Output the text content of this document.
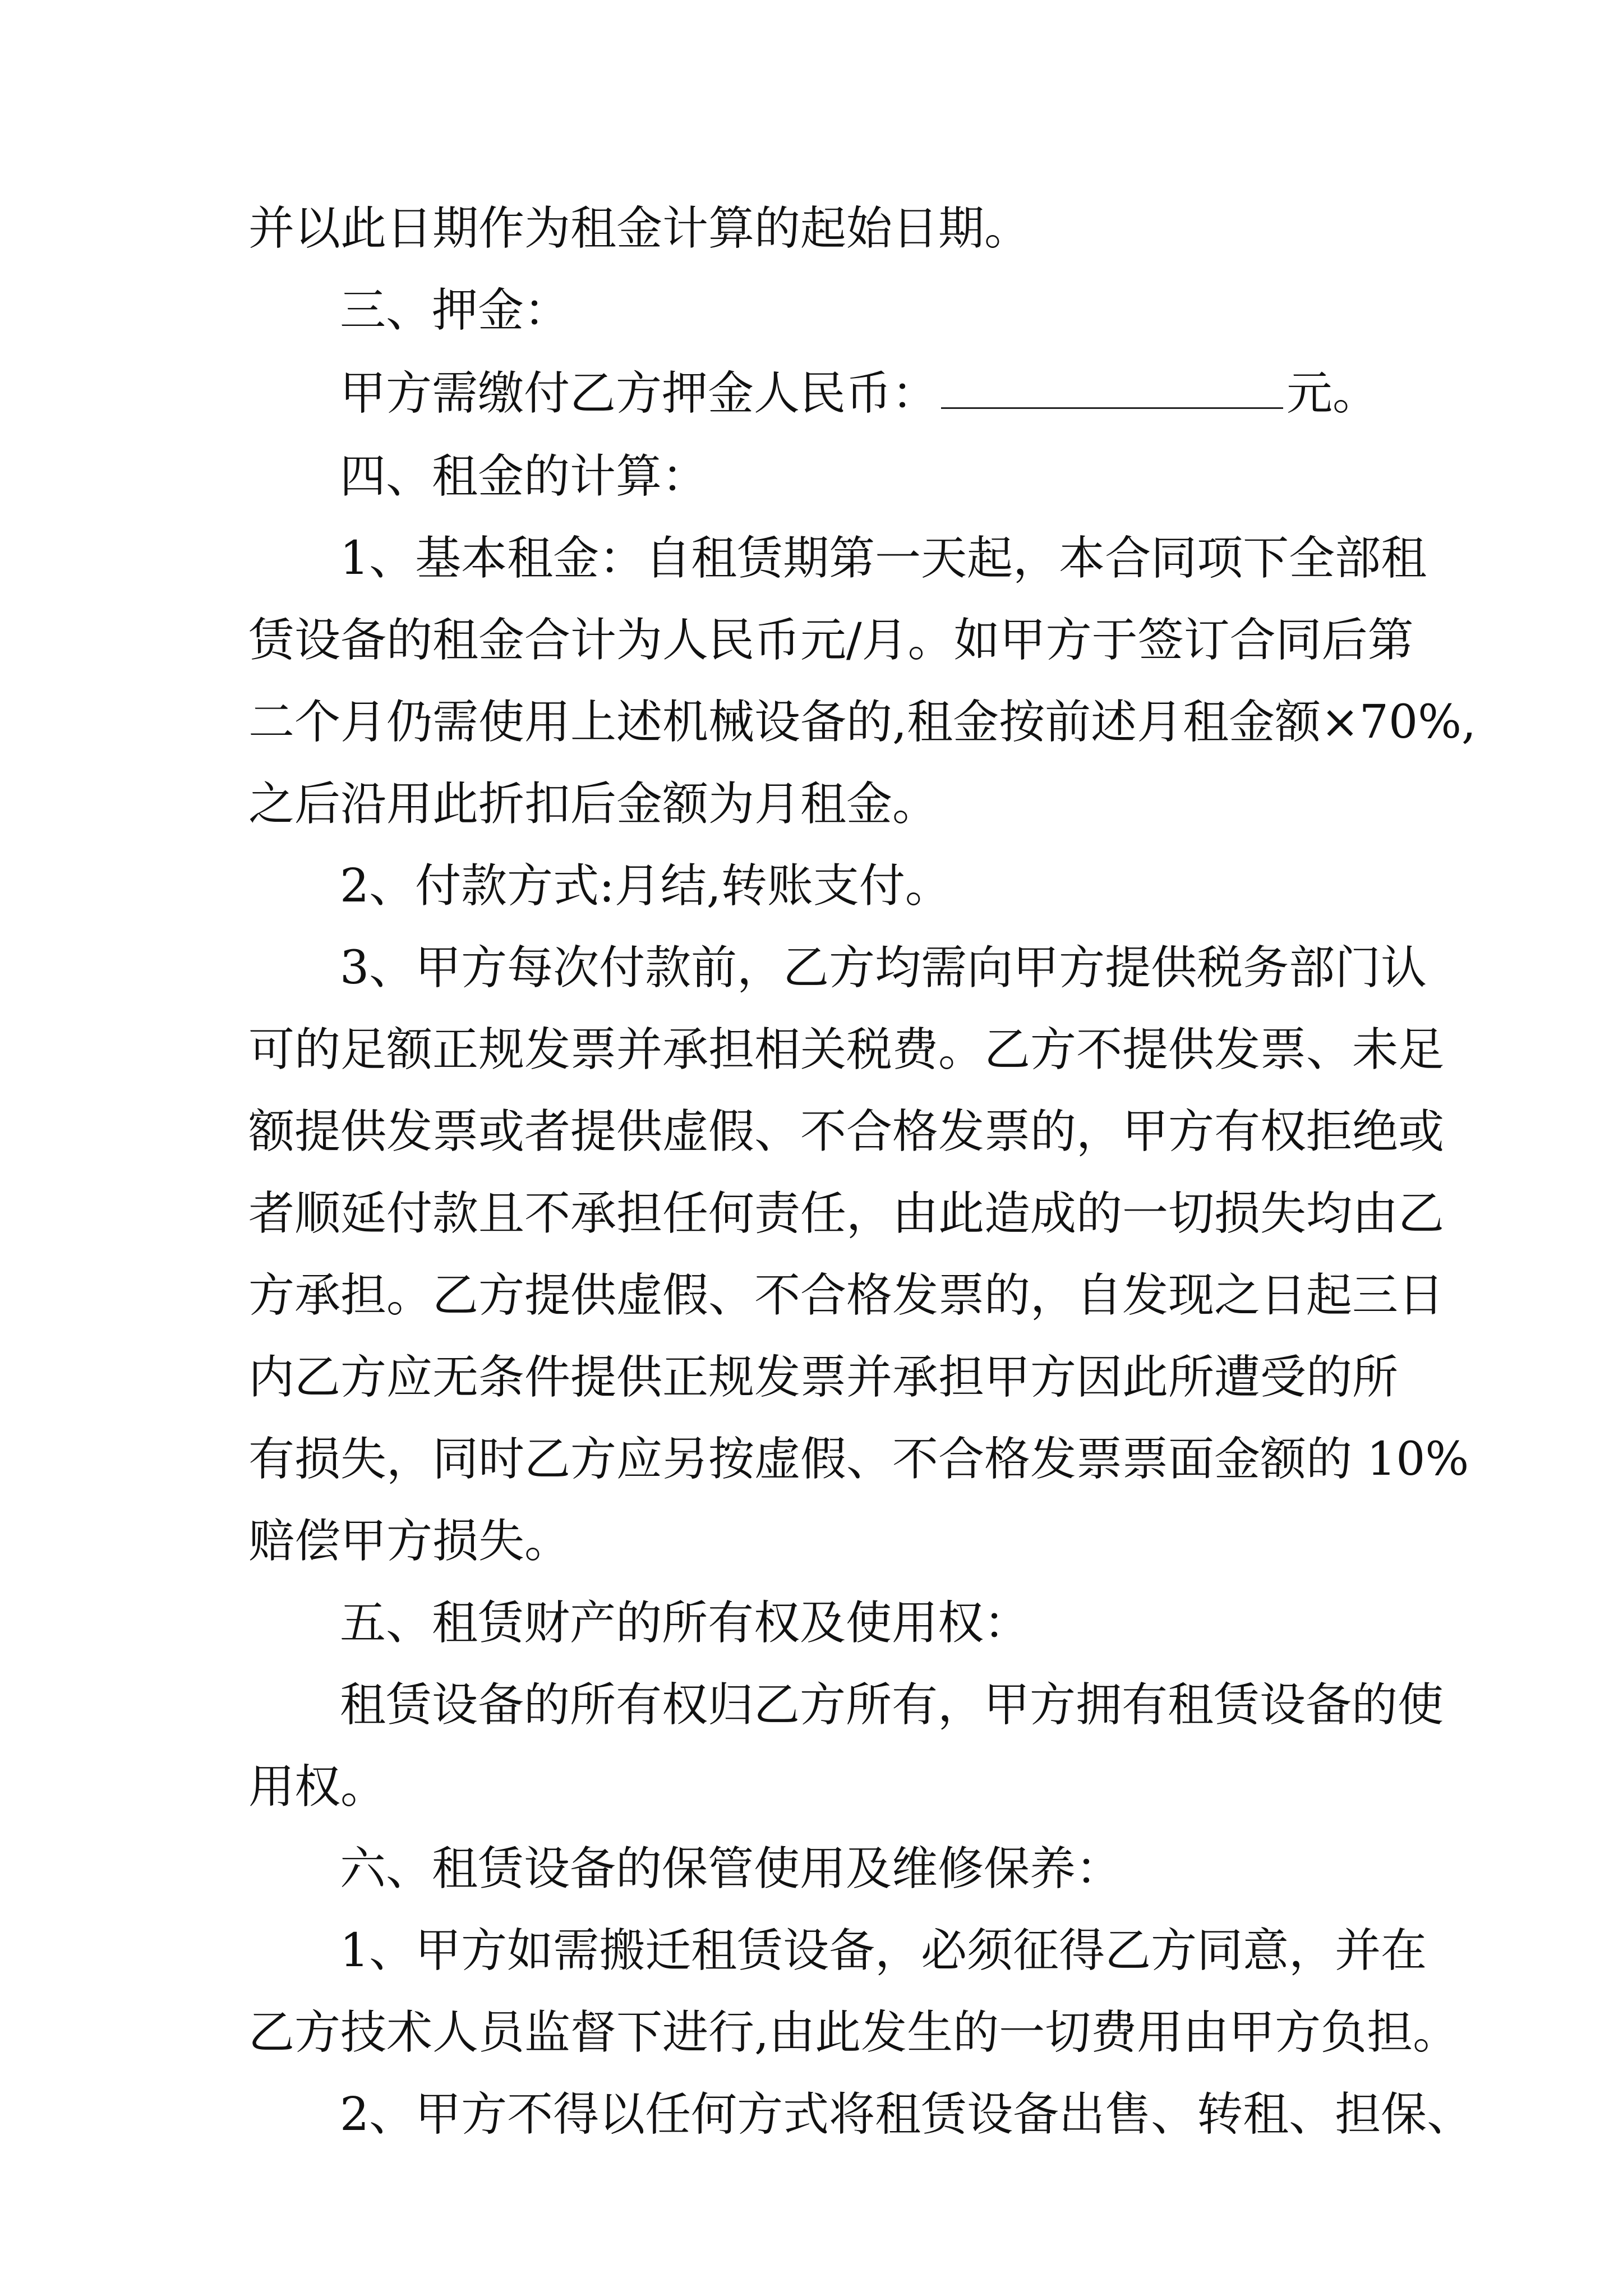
并以此日期作为租金计算的起始日期。
三、押金：
甲方需缴付乙方押金人民币：	元。
四、租金的计算：
1、基本租金：自租赁期第一天起，本合同项下全部租
赁设备的租金合计为人民币元/月。如甲方于签订合同后第
二个月仍需使用上述机械设备的,租金按前述月租金额×70%,
之后沿用此折扣后金额为月租金。
2、付款方式:月结,转账支付。
3、甲方每次付款前，乙方均需向甲方提供税务部门认
可的足额正规发票并承担相关税费。乙方不提供发票、未足
额提供发票或者提供虚假、不合格发票的，甲方有权拒绝或
者顺延付款且不承担任何责任，由此造成的一切损失均由乙
方承担。乙方提供虚假、不合格发票的，自发现之日起三日
内乙方应无条件提供正规发票并承担甲方因此所遭受的所
有损失，同时乙方应另按虚假、不合格发票票面金额的 10%
赔偿甲方损失。
五、租赁财产的所有权及使用权：
租赁设备的所有权归乙方所有，甲方拥有租赁设备的使
用权。
六、租赁设备的保管使用及维修保养：
1、甲方如需搬迁租赁设备，必须征得乙方同意，并在
乙方技术人员监督下进行,由此发生的一切费用由甲方负担。
2、甲方不得以任何方式将租赁设备出售、转租、担保、
